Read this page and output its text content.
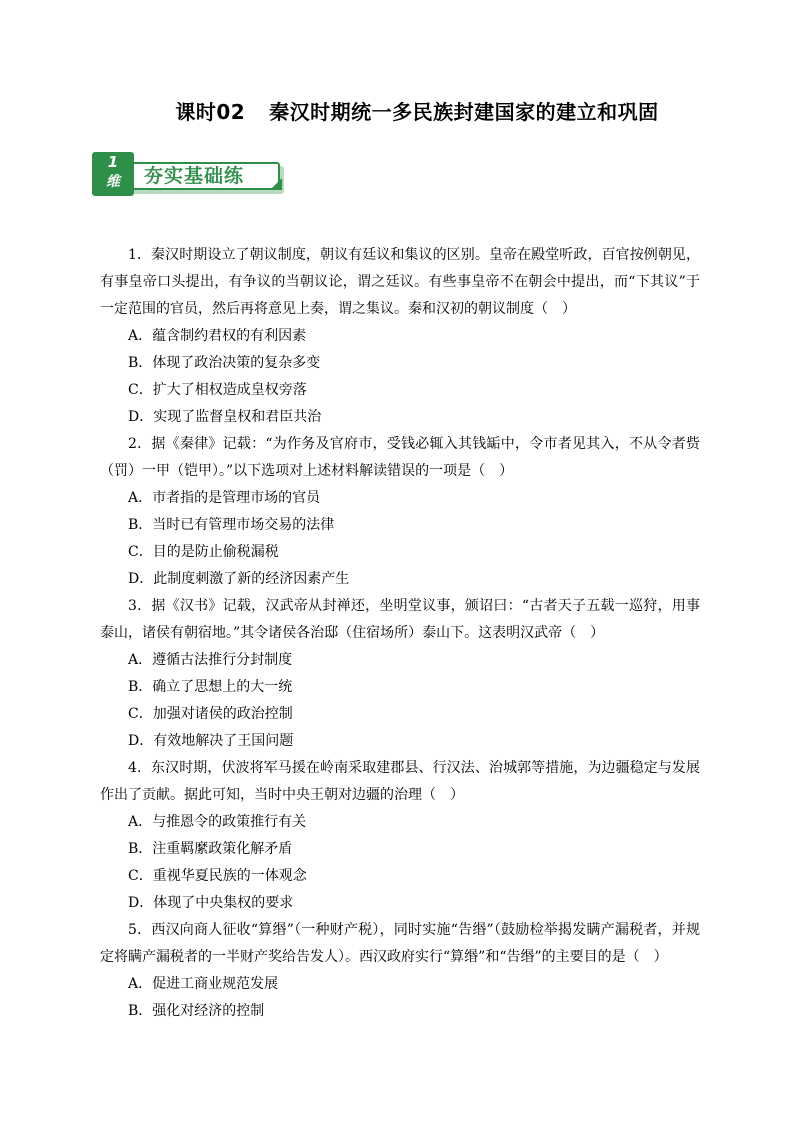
课时02 秦汉时期统一多民族封建国家的建立和巩固
1
维	夯实基础练

1．秦汉时期设立了朝议制度，朝议有廷议和集议的区别。皇帝在殿堂听政，百官按例朝见，有事皇帝口头提出，有争议的当朝议论，谓之廷议。有些事皇帝不在朝会中提出，而“下其议”于一定范围的官员，然后再将意见上奏，谓之集议。秦和汉初的朝议制度（　）

A．蕴含制约君权的有利因素

B．体现了政治决策的复杂多变

C．扩大了相权造成皇权旁落

D．实现了监督皇权和君臣共治

2．据《秦律》记载：“为作务及官府市，受钱必辄入其钱缿中，令市者见其入，不从令者赀（罚）一甲（铠甲）。”以下选项对上述材料解读错误的一项是（　）

A．市者指的是管理市场的官员

B．当时已有管理市场交易的法律

C．目的是防止偷税漏税

D．此制度刺激了新的经济因素产生

3．据《汉书》记载，汉武帝从封禅还，坐明堂议事，颁诏曰：“古者天子五载一巡狩，用事泰山，诸侯有朝宿地。”其令诸侯各治邸（住宿场所）泰山下。这表明汉武帝（　）

A．遵循古法推行分封制度

B．确立了思想上的大一统

C．加强对诸侯的政治控制

D．有效地解决了王国问题

4．东汉时期，伏波将军马援在岭南采取建郡县、行汉法、治城郭等措施，为边疆稳定与发展作出了贡献。据此可知，当时中央王朝对边疆的治理（　）

A．与推恩令的政策推行有关

B．注重羁縻政策化解矛盾

C．重视华夏民族的一体观念

D．体现了中央集权的要求

5．西汉向商人征收“算缗”（一种财产税），同时实施“告缗”（鼓励检举揭发瞒产漏税者，并规定将瞒产漏税者的一半财产奖给告发人）。西汉政府实行“算缗”和“告缗”的主要目的是（　）

A．促进工商业规范发展

B．强化对经济的控制
